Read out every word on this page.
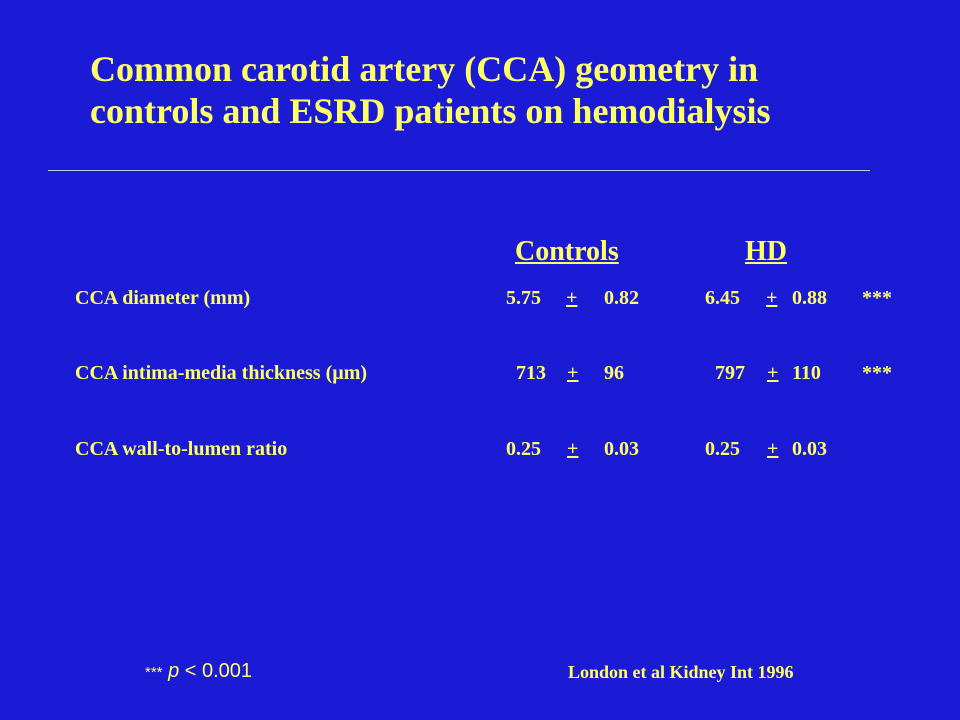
Common carotid artery (CCA) geometry in
controls and ESRD patients on hemodialysis
Controls	HD
CCA diameter (mm)	5.75 +	0.82	6.45 + 0.88 ***
CCA intima-media thickness (µm)	713 + 96	797 + 110 ***
CCA wall-to-lumen ratio	0.25 + 0.03	0.25 + 0.03
*** p < 0.001	London et al Kidney Int 1996
